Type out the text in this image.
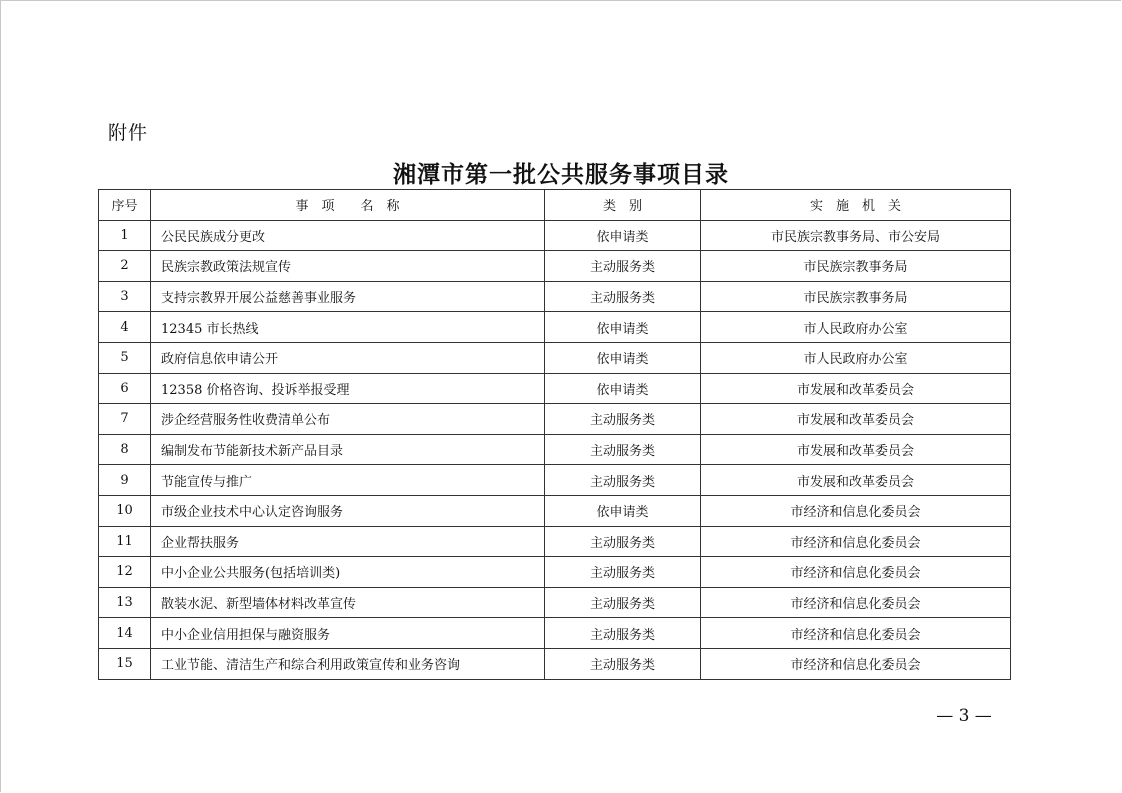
附件
湘潭市第一批公共服务事项目录
序号	事　项　　名　称	类　别	实　施　机　关
1	公民民族成分更改	依申请类	市民族宗教事务局、市公安局
2	民族宗教政策法规宣传	主动服务类	市民族宗教事务局
3	支持宗教界开展公益慈善事业服务	主动服务类	市民族宗教事务局
4	12345 市长热线	依申请类	市人民政府办公室
5	政府信息依申请公开	依申请类	市人民政府办公室
6	12358 价格咨询、投诉举报受理	依申请类	市发展和改革委员会
7	涉企经营服务性收费清单公布	主动服务类	市发展和改革委员会
8	编制发布节能新技术新产品目录	主动服务类	市发展和改革委员会
9	节能宣传与推广	主动服务类	市发展和改革委员会
10	市级企业技术中心认定咨询服务	依申请类	市经济和信息化委员会
11	企业帮扶服务	主动服务类	市经济和信息化委员会
12	中小企业公共服务(包括培训类)	主动服务类	市经济和信息化委员会
13	散装水泥、新型墙体材料改革宣传	主动服务类	市经济和信息化委员会
14	中小企业信用担保与融资服务	主动服务类	市经济和信息化委员会
15	工业节能、清洁生产和综合利用政策宣传和业务咨询	主动服务类	市经济和信息化委员会
— 3 —
